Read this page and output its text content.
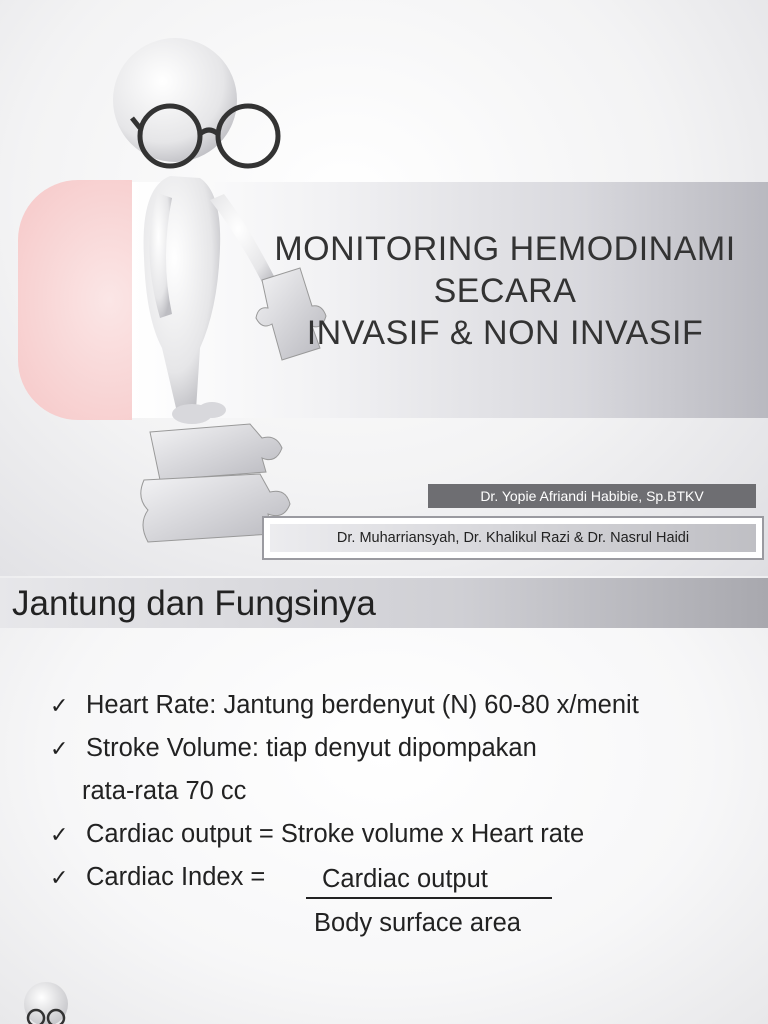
MONITORING HEMODINAMI
SECARA
INVASIF & NON INVASIF
Dr. Yopie Afriandi Habibie, Sp.BTKV
Dr. Muharriansyah, Dr. Khalikul Razi & Dr. Nasrul Haidi
Jantung dan Fungsinya
✓ Heart Rate: Jantung berdenyut (N) 60-80 x/menit
✓ Stroke Volume: tiap denyut dipompakan
rata-rata 70 cc
✓ Cardiac output = Stroke volume x Heart rate
✓ Cardiac Index =	Cardiac output
Body surface area
